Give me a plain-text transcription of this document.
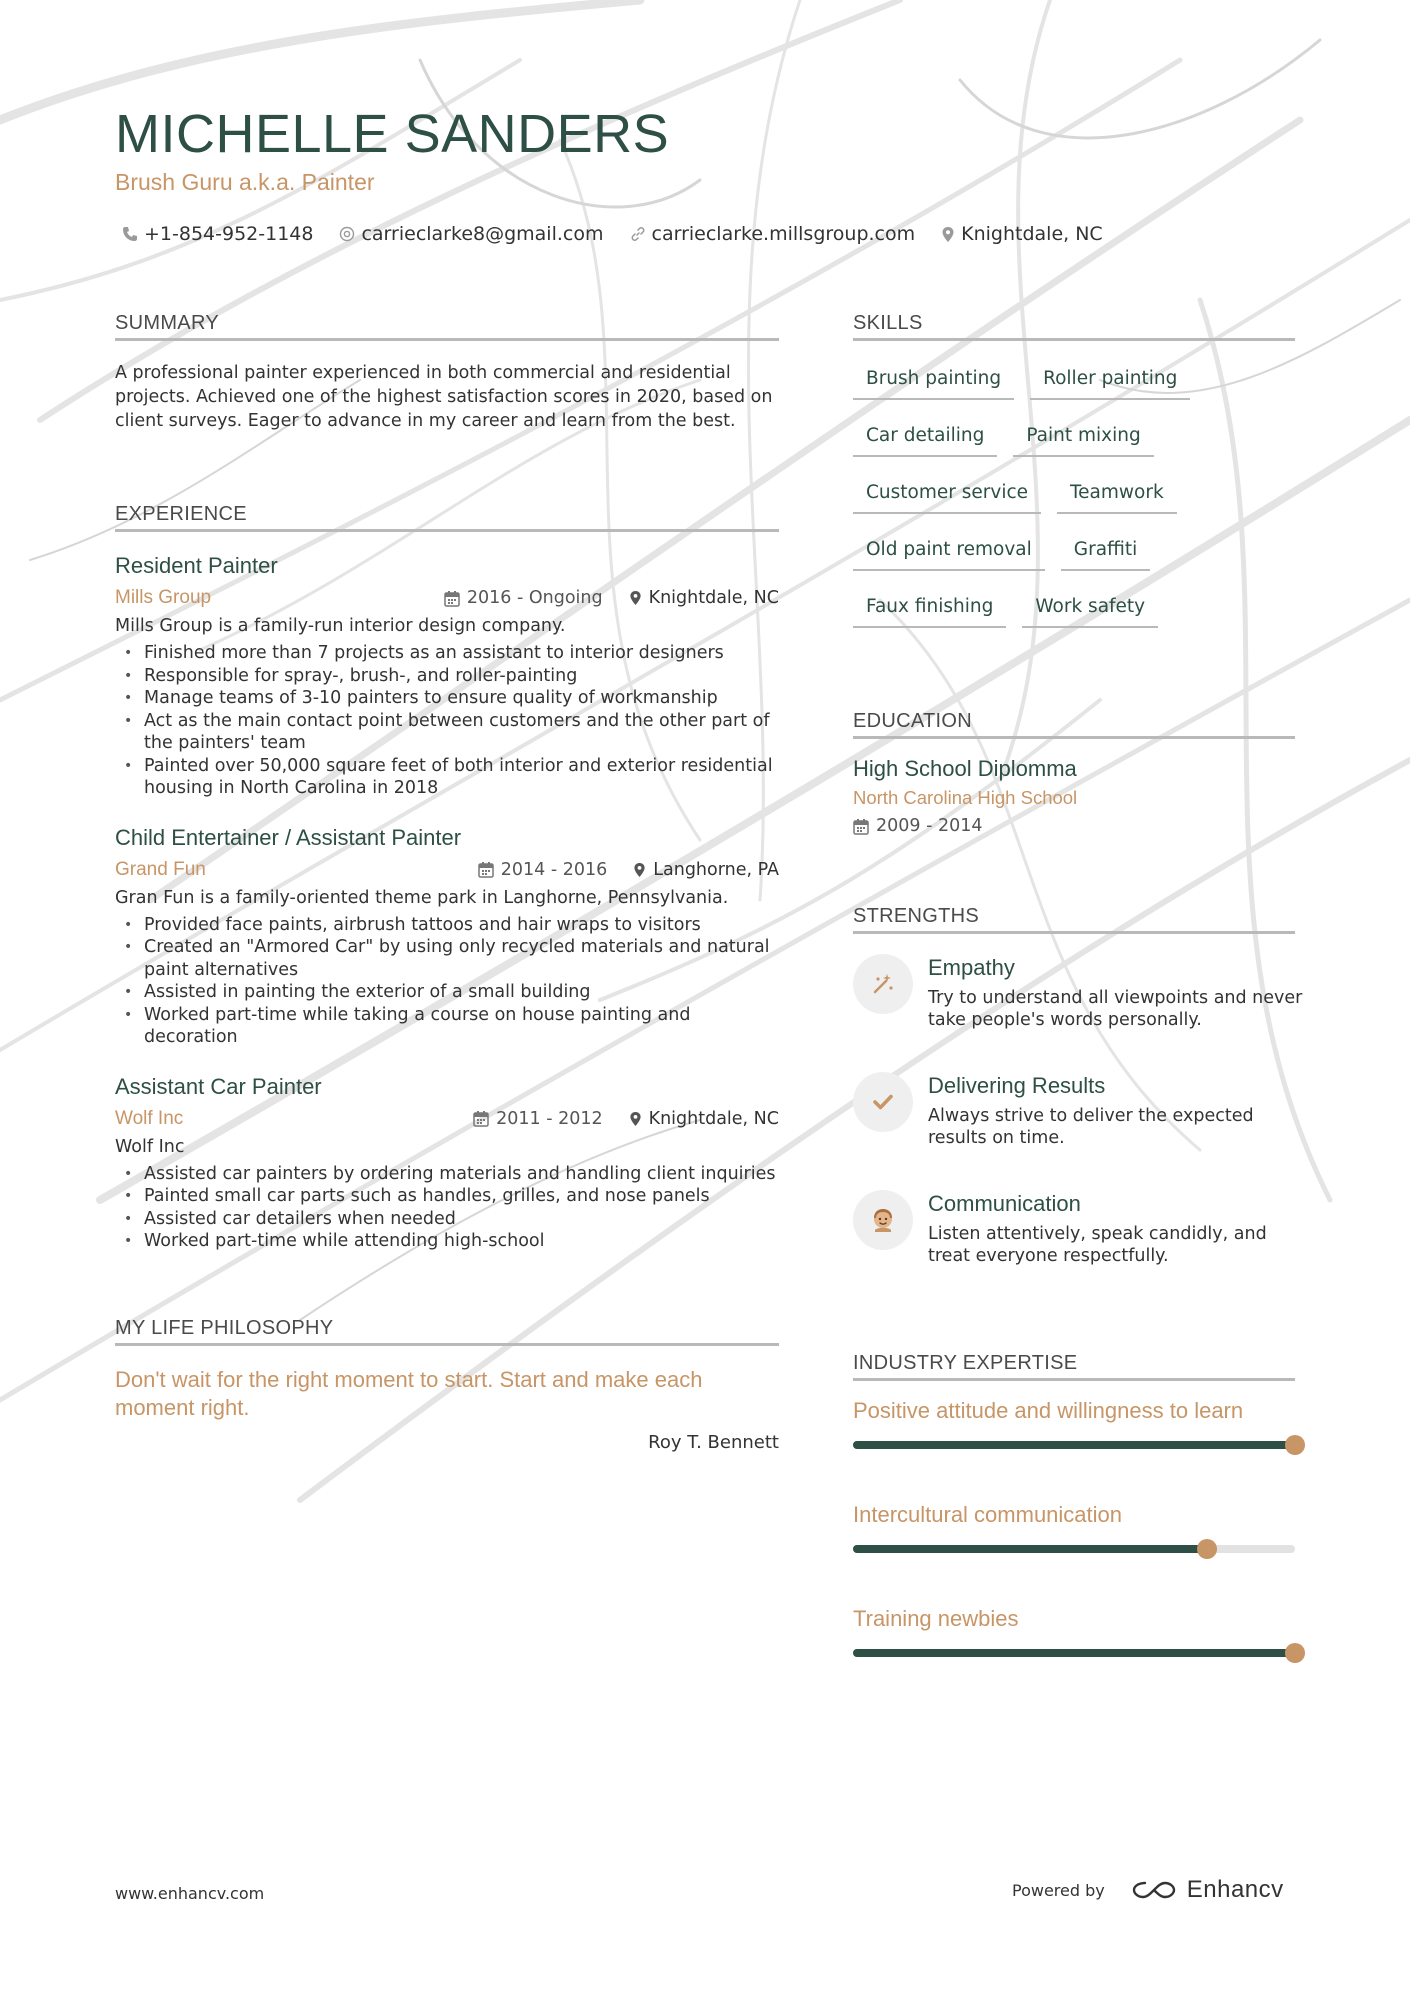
MICHELLE SANDERS
Brush Guru a.k.a. Painter
+1-854-952-1148	carrieclarke8@gmail.com	carrieclarke.millsgroup.com Knightdale, NC
SUMMARY
A professional painter experienced in both commercial and residential projects. Achieved one of the highest satisfaction scores in 2020, based on client surveys. Eager to advance in my career and learn from the best.
EXPERIENCE
Resident Painter
Mills Group	2016 - Ongoing	Knightdale, NC
Mills Group is a family-run interior design company.
• Finished more than 7 projects as an assistant to interior designers
• Responsible for spray-, brush-, and roller-painting
• Manage teams of 3-10 painters to ensure quality of workmanship
• Act as the main contact point between customers and the other part of the painters' team
• Painted over 50,000 square feet of both interior and exterior residential housing in North Carolina in 2018
Child Entertainer / Assistant Painter
Grand Fun	2014 - 2016	Langhorne, PA
Gran Fun is a family-oriented theme park in Langhorne, Pennsylvania.
• Provided face paints, airbrush tattoos and hair wraps to visitors
• Created an "Armored Car" by using only recycled materials and natural paint alternatives
• Assisted in painting the exterior of a small building
• Worked part-time while taking a course on house painting and decoration
Assistant Car Painter
Wolf Inc	2011 - 2012	Knightdale, NC
Wolf Inc
• Assisted car painters by ordering materials and handling client inquiries
• Painted small car parts such as handles, grilles, and nose panels
• Assisted car detailers when needed
• Worked part-time while attending high-school
MY LIFE PHILOSOPHY
Don't wait for the right moment to start. Start and make each moment right.
Roy T. Bennett
SKILLS
Brush painting	Roller painting
Car detailing	Paint mixing
Customer service	Teamwork
Old paint removal	Graffiti
Faux finishing	Work safety
EDUCATION
High School Diplomma
North Carolina High School
2009 - 2014
STRENGTHS
Empathy
Try to understand all viewpoints and never take people's words personally.
Delivering Results
Always strive to deliver the expected results on time.
Communication
Listen attentively, speak candidly, and treat everyone respectfully.
INDUSTRY EXPERTISE
Positive attitude and willingness to learn
Intercultural communication
Training newbies
www.enhancv.com	Powered by	Enhancv
